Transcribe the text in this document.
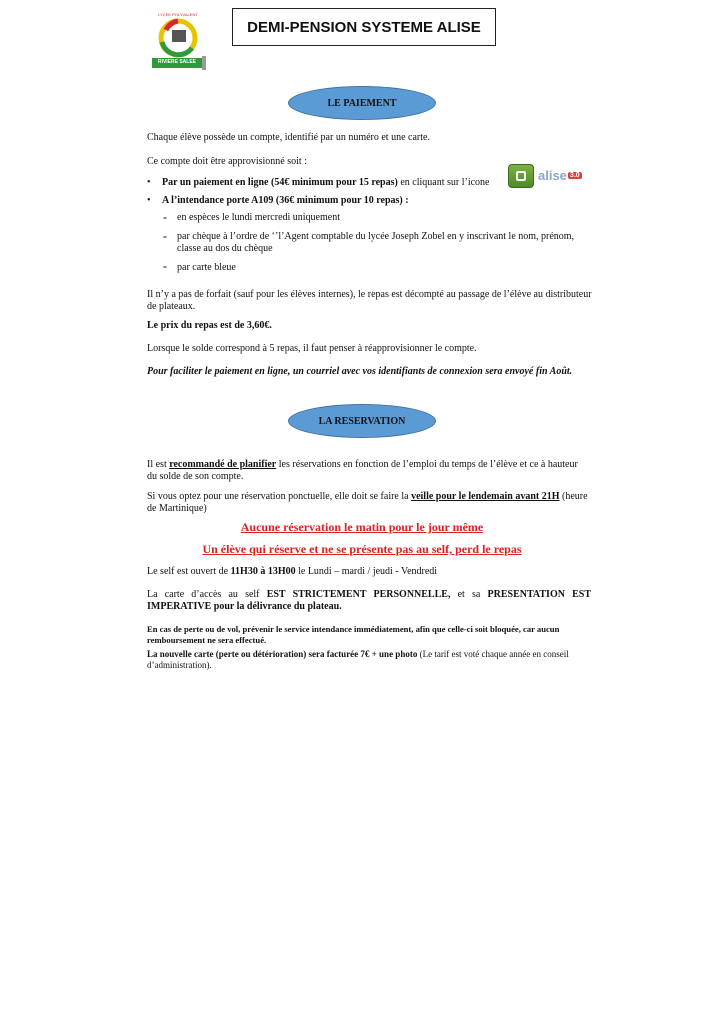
LYCEE POLYVALENT
RIVIERE SALEE
DEMI-PENSION SYSTEME ALISE
LE PAIEMENT
Chaque élève possède un compte, identifié par un numéro et une carte.
Ce compte doit être approvisionné soit :
• Par un paiement en ligne (54€ minimum pour 15 repas) en cliquant sur l’icone	alise 3.0
• A l’intendance porte A109 (36€ minimum pour 10 repas) :
- en espèces le lundi mercredi uniquement
- par chèque à l’ordre de ‘’l’Agent comptable du lycée Joseph Zobel en y inscrivant le nom, prénom,
classe au dos du chèque
- par carte bleue
Il n’y a pas de forfait (sauf pour les élèves internes), le repas est décompté au passage de l’élève au distributeur
de plateaux.
Le prix du repas est de 3,60€.
Lorsque le solde correspond à 5 repas, il faut penser à réapprovisionner le compte.
Pour faciliter le paiement en ligne, un courriel avec vos identifiants de connexion sera envoyé fin Août.
LA RESERVATION
Il est recommandé de planifier les réservations en fonction de l’emploi du temps de l’élève et ce à hauteur
du solde de son compte.
Si vous optez pour une réservation ponctuelle, elle doit se faire la veille pour le lendemain avant 21H (heure
de Martinique)
Aucune réservation le matin pour le jour même
Un élève qui réserve et ne se présente pas au self, perd le repas
Le self est ouvert de 11H30 à 13H00 le Lundi – mardi / jeudi - Vendredi
La carte d’accès au self EST STRICTEMENT PERSONNELLE, et sa PRESENTATION EST
IMPERATIVE pour la délivrance du plateau.
En cas de perte ou de vol, prévenir le service intendance immédiatement, afin que celle-ci soit bloquée, car aucun
remboursement ne sera effectué.
La nouvelle carte (perte ou détérioration) sera facturée 7€ + une photo (Le tarif est voté chaque année en conseil
d’administration).
